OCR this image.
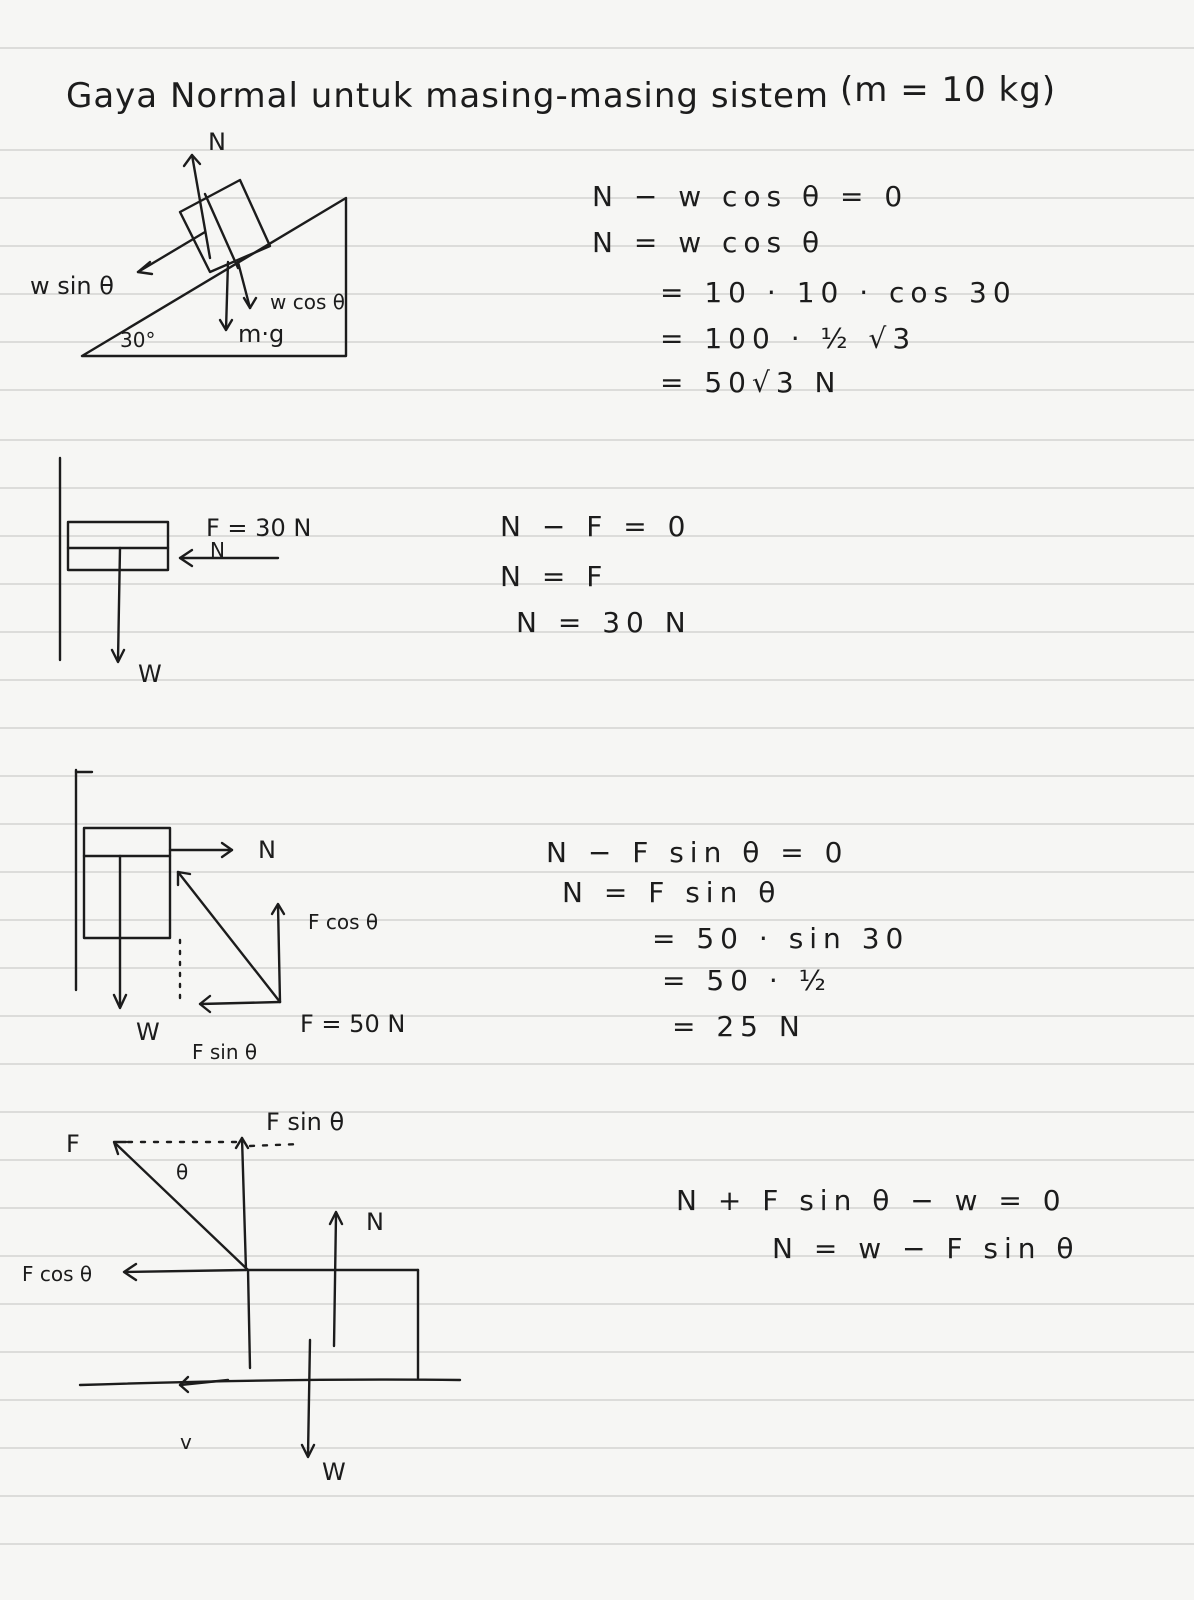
Gaya Normal untuk masing-masing sistem (m = 10 kg)
N
w sin θ
w cos θ
m·g
30°
N − w cos θ = 0
N = w cos θ
= 10 · 10 · cos 30
= 100 · ½ √3
= 50√3 N
F = 30 N
N
W
N − F = 0
N = F
N = 30 N
N
F cos θ
F = 50 N
F sin θ
W
N − F sin θ = 0
N = F sin θ
= 50 · sin 30
= 50 · ½
= 25 N
F
θ
F sin θ
N
F cos θ
v
W
N + F sin θ − w = 0
N = w − F sin θ
